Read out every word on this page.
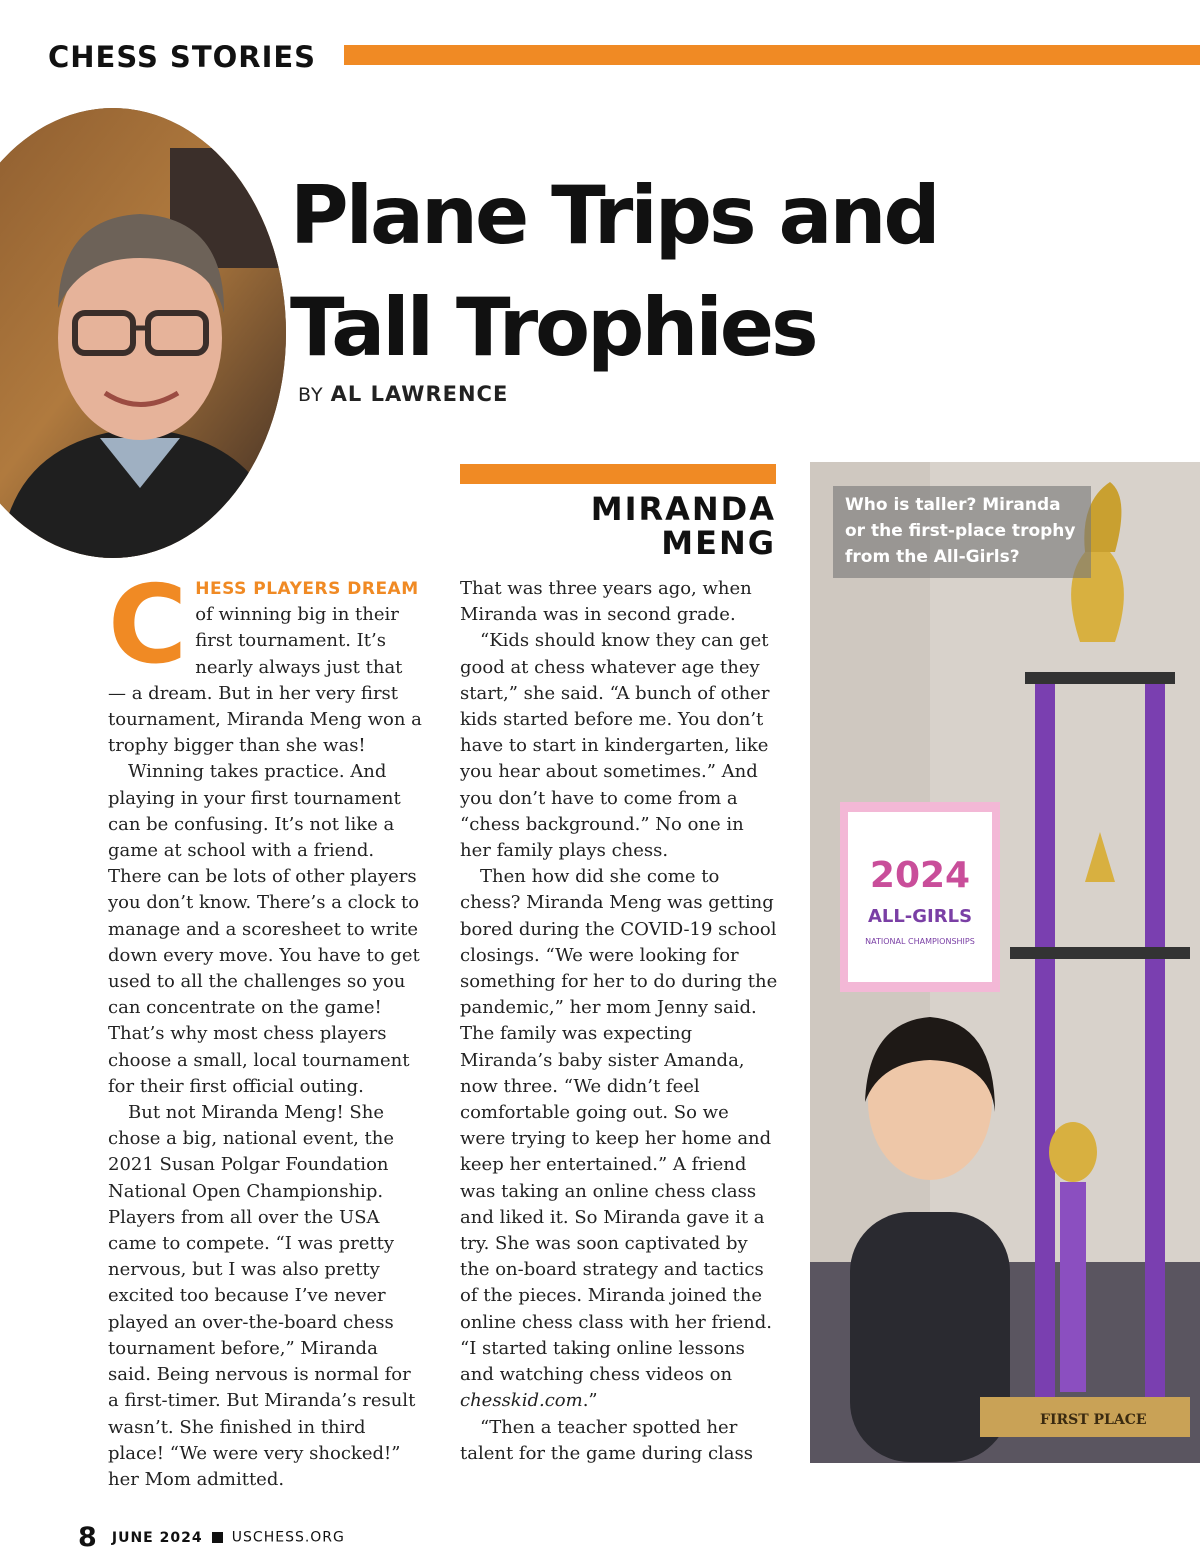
CHESS STORIES
Plane Trips and
Tall Trophies
BY AL LAWRENCE
MIRANDA
MENG
C HESS PLAYERS DREAM
of winning big in their first tournament. It’s nearly always just that — a dream. But in her very first tournament, Miranda Meng won a trophy bigger than she was!

Winning takes practice. And playing in your first tournament can be confusing. It’s not like a game at school with a friend. There can be lots of other players you don’t know. There’s a clock to manage and a scoresheet to write down every move. You have to get used to all the challenges so you can concentrate on the game! That’s why most chess players choose a small, local tournament for their first official outing.

But not Miranda Meng! She chose a big, national event, the 2021 Susan Polgar Foundation National Open Championship. Players from all over the USA came to compete. “I was pretty nervous, but I was also pretty excited too because I’ve never played an over-the-board chess tournament before,” Miranda said. Being nervous is normal for a first-timer. But Miranda’s result wasn’t. She finished in third place! “We were very shocked!” her Mom admitted.

That was three years ago, when Miranda was in second grade.

“Kids should know they can get good at chess whatever age they start,” she said. “A bunch of other kids started before me. You don’t have to start in kindergarten, like you hear about sometimes.” And you don’t have to come from a “chess background.” No one in her family plays chess.

Then how did she come to chess? Miranda Meng was getting bored during the COVID-19 school closings. “We were looking for something for her to do during the pandemic,” her mom Jenny said. The family was expecting Miranda’s baby sister Amanda, now three. “We didn’t feel comfortable going out. So we were trying to keep her home and keep her entertained.” A friend was taking an online chess class and liked it. So Miranda gave it a try. She was soon captivated by the on-board strategy and tactics of the pieces. Miranda joined the online chess class with her friend. “I started taking online lessons and watching chess videos on chesskid.com.”

“Then a teacher spotted her talent for the game during class

2024
ALL-GIRLS
NATIONAL CHAMPIONSHIPS
FIRST PLACE
Who is taller? Miranda or the first-place trophy from the All-Girls?
8 JUNE 2024 USCHESS.ORG
